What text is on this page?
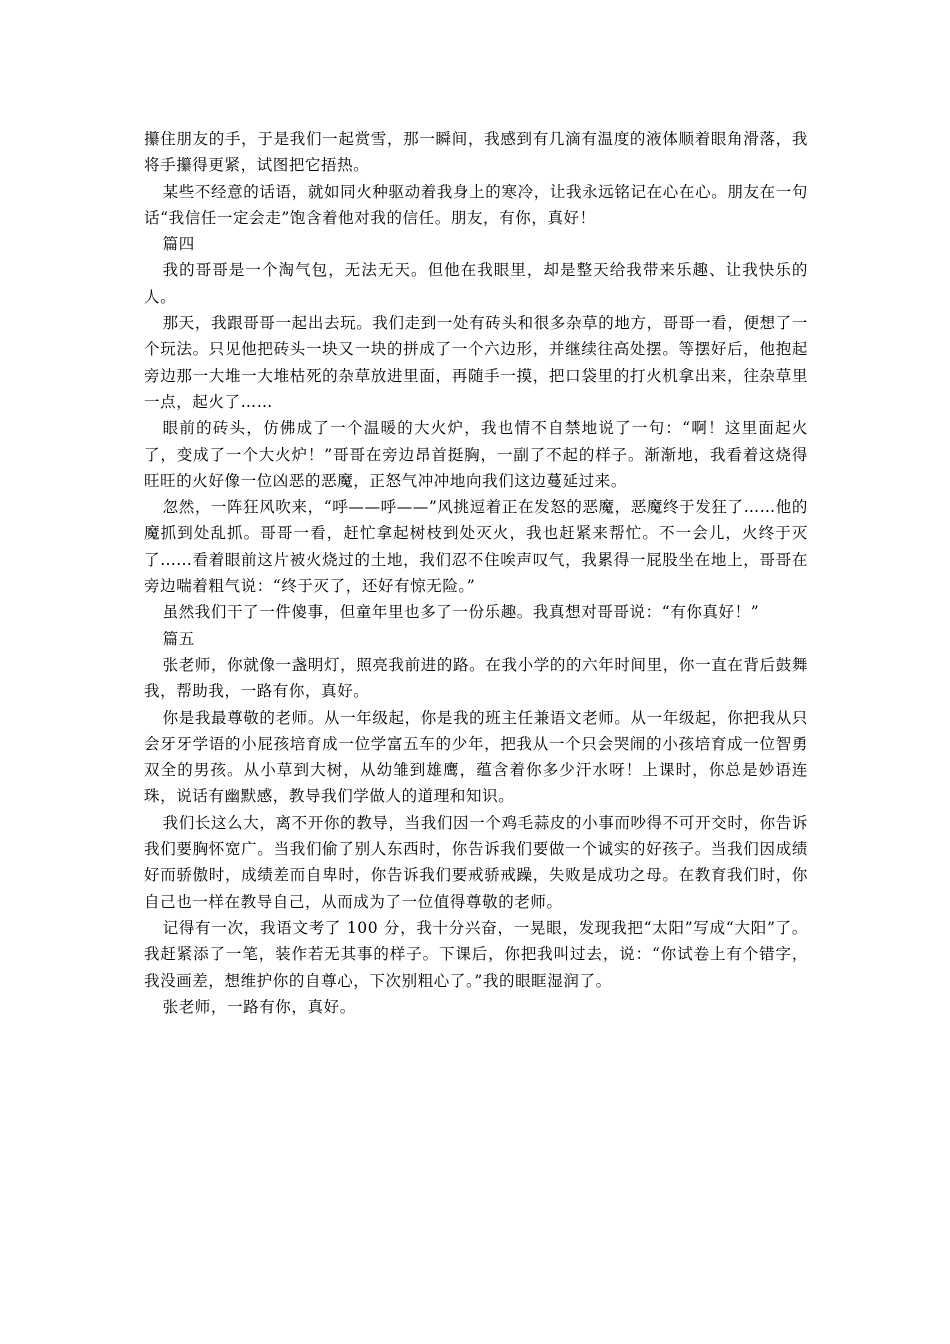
攥住朋友的手，于是我们一起赏雪，那一瞬间，我感到有几滴有温度的液体顺着眼角滑落，我将手攥得更紧，试图把它捂热。

某些不经意的话语，就如同火种驱动着我身上的寒冷，让我永远铭记在心在心。朋友在一句话“我信任一定会走”饱含着他对我的信任。朋友，有你，真好！

篇四

我的哥哥是一个淘气包，无法无天。但他在我眼里，却是整天给我带来乐趣、让我快乐的人。

那天，我跟哥哥一起出去玩。我们走到一处有砖头和很多杂草的地方，哥哥一看，便想了一个玩法。只见他把砖头一块又一块的拼成了一个六边形，并继续往高处摆。等摆好后，他抱起旁边那一大堆一大堆枯死的杂草放进里面，再随手一摸，把口袋里的打火机拿出来，往杂草里一点，起火了……

眼前的砖头，仿佛成了一个温暖的大火炉，我也情不自禁地说了一句：“啊！这里面起火了，变成了一个大火炉！”哥哥在旁边昂首挺胸，一副了不起的样子。渐渐地，我看着这烧得旺旺的火好像一位凶恶的恶魔，正怒气冲冲地向我们这边蔓延过来。

忽然，一阵狂风吹来，“呼——呼——”风挑逗着正在发怒的恶魔，恶魔终于发狂了……他的魔抓到处乱抓。哥哥一看，赶忙拿起树枝到处灭火，我也赶紧来帮忙。不一会儿，火终于灭了……看着眼前这片被火烧过的土地，我们忍不住唉声叹气，我累得一屁股坐在地上，哥哥在旁边喘着粗气说：“终于灭了，还好有惊无险。”

虽然我们干了一件傻事，但童年里也多了一份乐趣。我真想对哥哥说：“有你真好！”

篇五

张老师，你就像一盏明灯，照亮我前进的路。在我小学的的六年时间里，你一直在背后鼓舞我，帮助我，一路有你，真好。

你是我最尊敬的老师。从一年级起，你是我的班主任兼语文老师。从一年级起，你把我从只会牙牙学语的小屁孩培育成一位学富五车的少年，把我从一个只会哭闹的小孩培育成一位智勇双全的男孩。从小草到大树，从幼雏到雄鹰，蕴含着你多少汗水呀！上课时，你总是妙语连珠，说话有幽默感，教导我们学做人的道理和知识。

我们长这么大，离不开你的教导，当我们因一个鸡毛蒜皮的小事而吵得不可开交时，你告诉我们要胸怀宽广。当我们偷了别人东西时，你告诉我们要做一个诚实的好孩子。当我们因成绩好而骄傲时，成绩差而自卑时，你告诉我们要戒骄戒躁，失败是成功之母。在教育我们时，你自己也一样在教导自己，从而成为了一位值得尊敬的老师。

记得有一次，我语文考了 100 分，我十分兴奋，一晃眼，发现我把“太阳”写成“大阳”了。我赶紧添了一笔，装作若无其事的样子。下课后，你把我叫过去，说：“你试卷上有个错字，我没画差，想维护你的自尊心，下次别粗心了。”我的眼眶湿润了。

张老师，一路有你，真好。
